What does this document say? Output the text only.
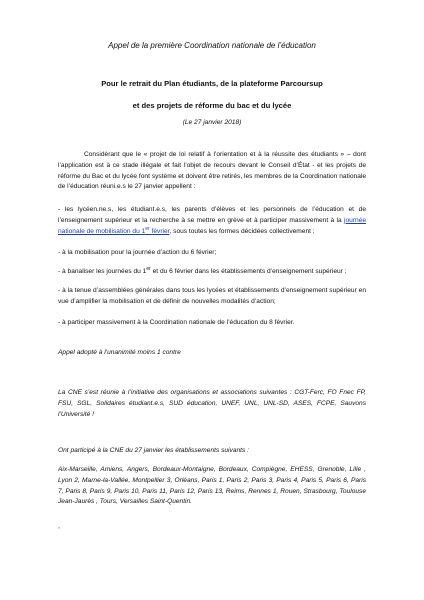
Appel de la première Coordination nationale de l’éducation

Pour le retrait du Plan étudiants, de la plateforme Parcoursup

et des projets de réforme du bac et du lycée

(Le 27 janvier 2018)

Considérant que le « projet de loi relatif à l’orientation et à la réussite des étudiants » – dont l’application est à ce stade illégale et fait l’objet de recours devant le Conseil d’État - et les projets de réforme du Bac et du lycée font système et doivent être retirés, les membres de la Coordination nationale de l’éducation réuni.e.s le 27 janvier appellent :

- les lycéen.ne.s, les étudiant.e.s, les parents d’élèves et les personnels de l’éducation et de l’enseignement supérieur et la recherche à se mettre en grève et à participer massivement à la journée nationale de mobilisation du 1er février, sous toutes les formes décidées collectivement ;

- à la mobilisation pour la journée d’action du 6 février;

- à banaliser les journées du 1er et du 6 février dans les établissements d’enseignement supérieur ;

- à la tenue d’assemblées générales dans tous les lycées et établissements d’enseignement supérieur en vue d’amplifier la mobilisation et de définir de nouvelles modalités d’action;

- à participer massivement à la Coordination nationale de l’éducation du 8 février.

Appel adopté à l’unanimité moins 1 contre

La CNE s’est réunie à l’initiative des organisations et associations suivantes : CGT-Ferc, FO Fnec FP, FSU, SGL, Solidaires étudiant.e.s, SUD éducation, UNEF, UNL, UNL-SD, ASES, FCPE, Sauvons l’Université !

Ont participé à la CNE du 27 janvier les établissements suivants :

Aix-Marseille, Amiens, Angers, Bordeaux-Montaigne, Bordeaux, Compiègne, EHESS, Grenoble, Lille , Lyon 2, Marne-la-Vallée, Montpellier 3, Orléans, Paris 1, Paris 2, Paris 3, Paris 4, Paris 5, Paris 6, Paris 7, Paris 8, Paris 9, Paris 10, Paris 11, Paris 12, Paris 13, Reims, Rennes 1, Rouen, Strasbourg, Toulouse Jean-Jaurès , Tours, Versailles Saint-Quentin.

,
